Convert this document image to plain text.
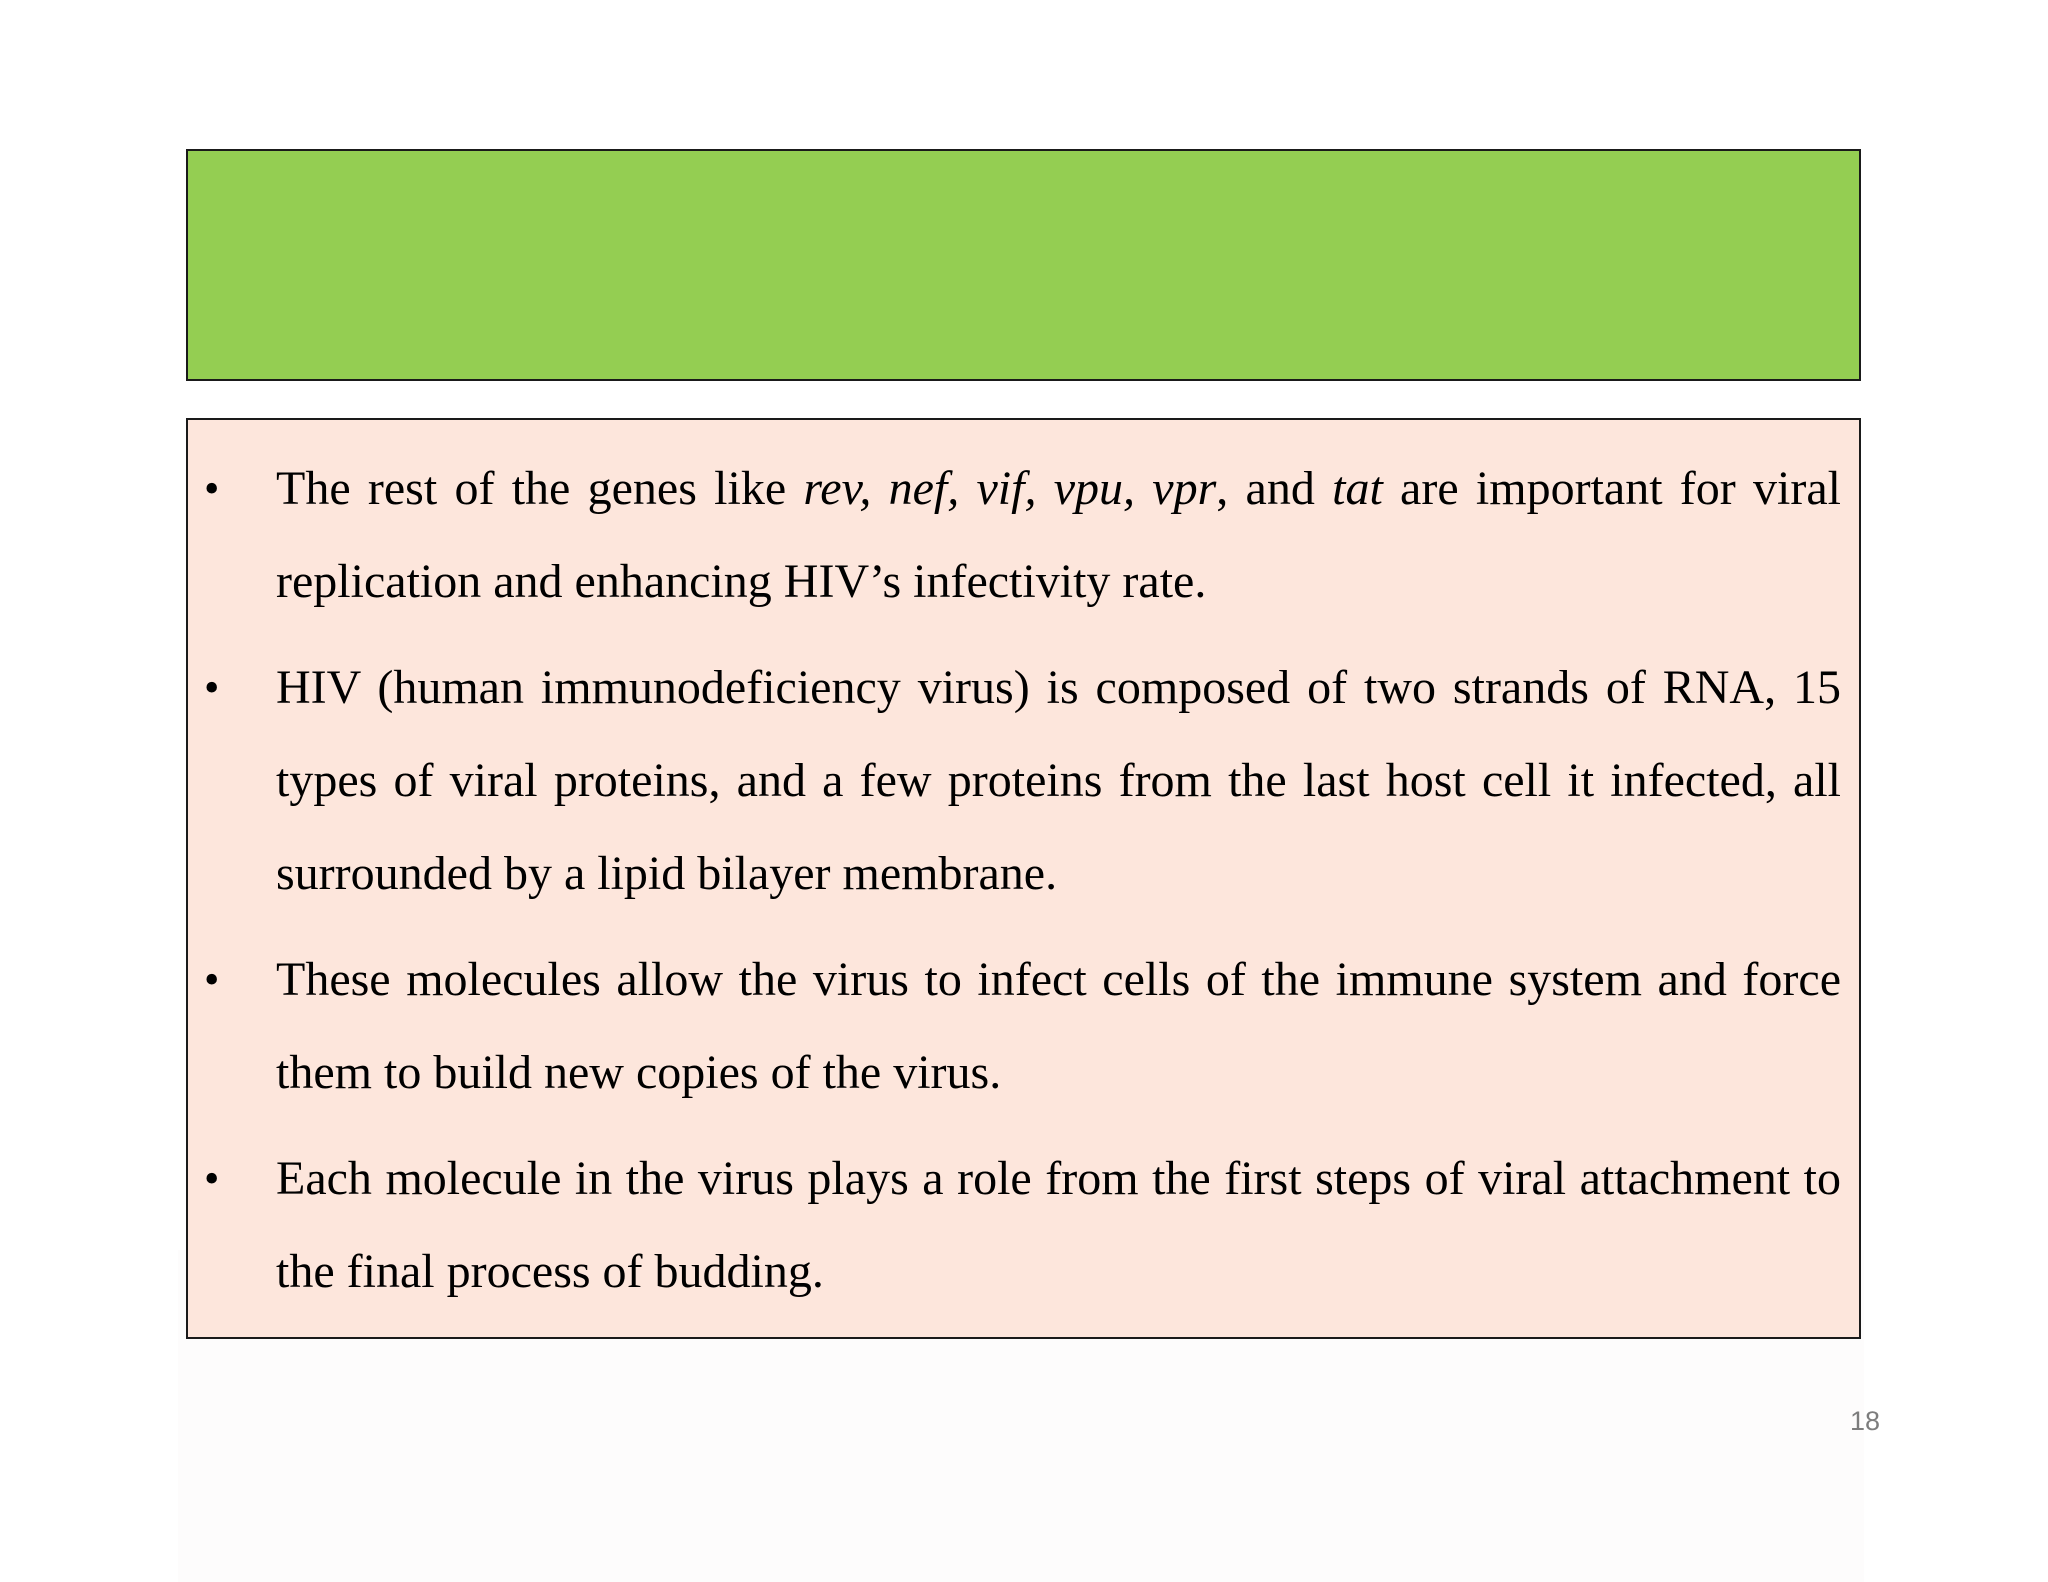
• The rest of the genes like rev, nef, vif, vpu, vpr, and tat are important for viral replication and enhancing HIV’s infectivity rate.
• HIV (human immunodeficiency virus) is composed of two strands of RNA, 15 types of viral proteins, and a few proteins from the last host cell it infected, all surrounded by a lipid bilayer membrane.
• These molecules allow the virus to infect cells of the immune system and force them to build new copies of the virus.
• Each molecule in the virus plays a role from the first steps of viral attachment to the final process of budding.
18
